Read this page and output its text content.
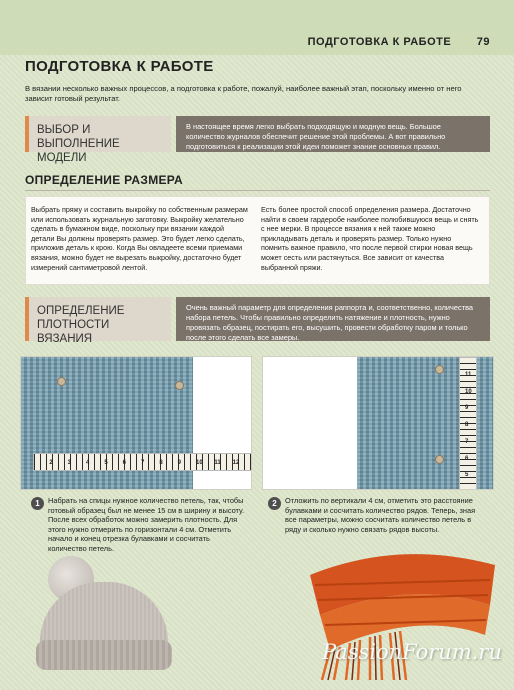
ПОДГОТОВКА К РАБОТЕ 79
ПОДГОТОВКА К РАБОТЕ
В вязании несколько важных процессов, а подготовка к работе, пожалуй, наиболее важный этап, поскольку именно от него зависит готовый результат.
ВЫБОР И ВЫПОЛНЕНИЕ МОДЕЛИ
В настоящее время легко выбрать подходящую и модную вещь. Большое количество журналов обеспечит решение этой проблемы. А вот правильно подготовиться к реализации этой идеи поможет знание основных правил.
ОПРЕДЕЛЕНИЕ РАЗМЕРА
Выбрать пряжу и составить выкройку по собственным размерам или использовать журнальную заготовку. Выкройку желательно сделать в бумажном виде, поскольку при вязании каждой детали Вы должны проверять размер. Это будет легко сделать, приложив деталь к крою. Когда Вы овладеете всеми приемами вязания, можно будет не вырезать выкройку, достаточно будет измерений сантиметровой лентой.
Есть более простой способ определения размера. Достаточно найти в своем гардеробе наиболее полюбившуюся вещь и снять с нее мерки. В процессе вязания к ней также можно прикладывать деталь и проверять размер. Только нужно помнить важное правило, что после первой стирки новая вещь может сесть или растянуться. Все зависит от качества выбранной пряжи.
ОПРЕДЕЛЕНИЕ ПЛОТНОСТИ ВЯЗАНИЯ
Очень важный параметр для определения раппорта и, соответственно, количества набора петель. Чтобы правильно определить натяжение и плотность, нужно провязать образец, постирать его, высушить, провести обработку паром и только после этого сделать все замеры.
2 3	4 5 6	7 8 9	10 11 12
5
6
7
8
9
10
11
1	Набрать на спицы нужное количество петель, так, чтобы готовый образец был не менее 15 см в ширину и высоту. После всех обработок можно замерить плотность. Для этого нужно отмерить по горизонтали 4 см. Отметить начало и конец отрезка булавками и сосчитать количество петель.
2	Отложить по вертикали 4 см, отметить это расстояние булавками и сосчитать количество рядов. Теперь, зная все параметры, можно сосчитать количество петель в ряду и сколько нужно связать рядов высоты.
PassionForum.ru
